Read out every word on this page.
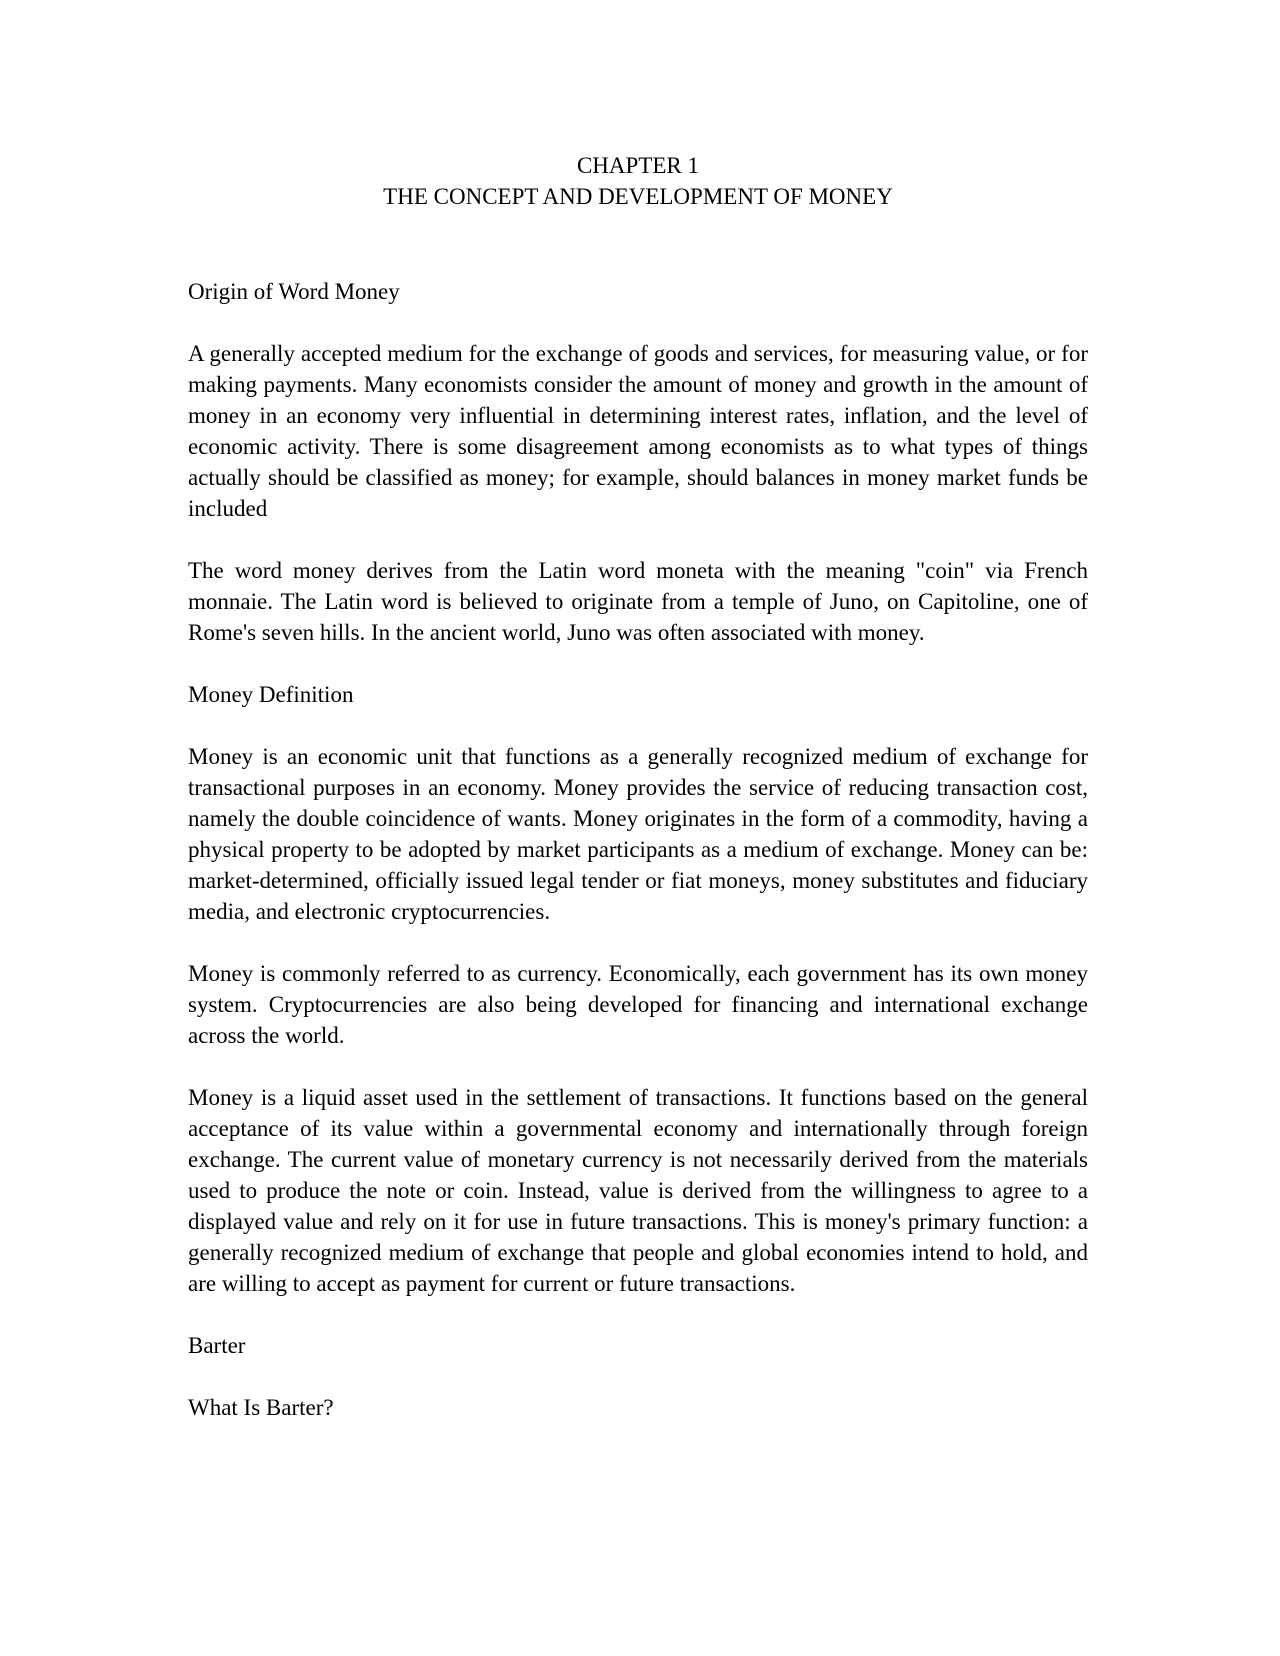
CHAPTER 1
THE CONCEPT AND DEVELOPMENT OF MONEY
Origin of Word Money

A generally accepted medium for the exchange of goods and services, for measuring value, or for making payments. Many economists consider the amount of money and growth in the amount of money in an economy very influential in determining interest rates, inflation, and the level of economic activity. There is some disagreement among economists as to what types of things actually should be classified as money; for example, should balances in money market funds be included

The word money derives from the Latin word moneta with the meaning "coin" via French monnaie. The Latin word is believed to originate from a temple of Juno, on Capitoline, one of Rome's seven hills. In the ancient world, Juno was often associated with money.

Money Definition

Money is an economic unit that functions as a generally recognized medium of exchange for transactional purposes in an economy. Money provides the service of reducing transaction cost, namely the double coincidence of wants. Money originates in the form of a commodity, having a physical property to be adopted by market participants as a medium of exchange. Money can be: market-determined, officially issued legal tender or fiat moneys, money substitutes and fiduciary media, and electronic cryptocurrencies.

Money is commonly referred to as currency. Economically, each government has its own money system. Cryptocurrencies are also being developed for financing and international exchange across the world.

Money is a liquid asset used in the settlement of transactions. It functions based on the general acceptance of its value within a governmental economy and internationally through foreign exchange. The current value of monetary currency is not necessarily derived from the materials used to produce the note or coin. Instead, value is derived from the willingness to agree to a displayed value and rely on it for use in future transactions. This is money's primary function: a generally recognized medium of exchange that people and global economies intend to hold, and are willing to accept as payment for current or future transactions.

Barter
What Is Barter?
